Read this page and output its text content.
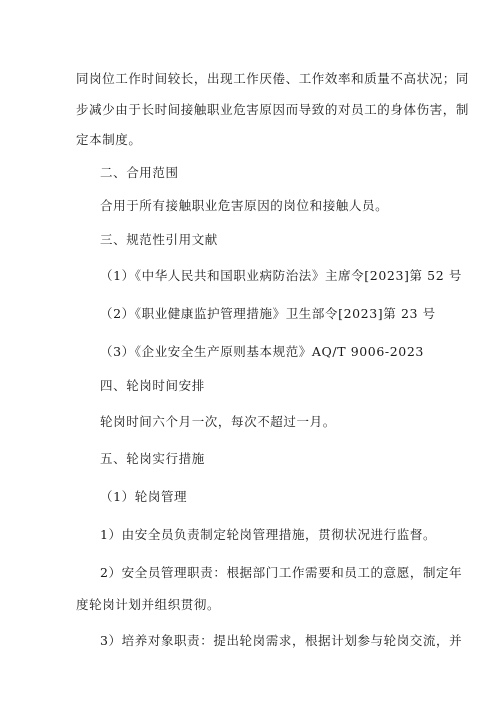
同岗位工作时间较长，出现工作厌倦、工作效率和质量不高状况；同
步减少由于长时间接触职业危害原因而导致的对员工的身体伤害，制
定本制度。
二、合用范围
合用于所有接触职业危害原因的岗位和接触人员。
三、规范性引用文献
（1）《中华人民共和国职业病防治法》主席令[2023]第 52 号
（2）《职业健康监护管理措施》卫生部令[2023]第 23 号
（3）《企业安全生产原则基本规范》AQ/T 9006-2023
四、轮岗时间安排
轮岗时间六个月一次，每次不超过一月。
五、轮岗实行措施
（1）轮岗管理
1）由安全员负责制定轮岗管理措施，贯彻状况进行监督。
2）安全员管理职责：根据部门工作需要和员工的意愿，制定年
度轮岗计划并组织贯彻。
3）培养对象职责：提出轮岗需求，根据计划参与轮岗交流，并
